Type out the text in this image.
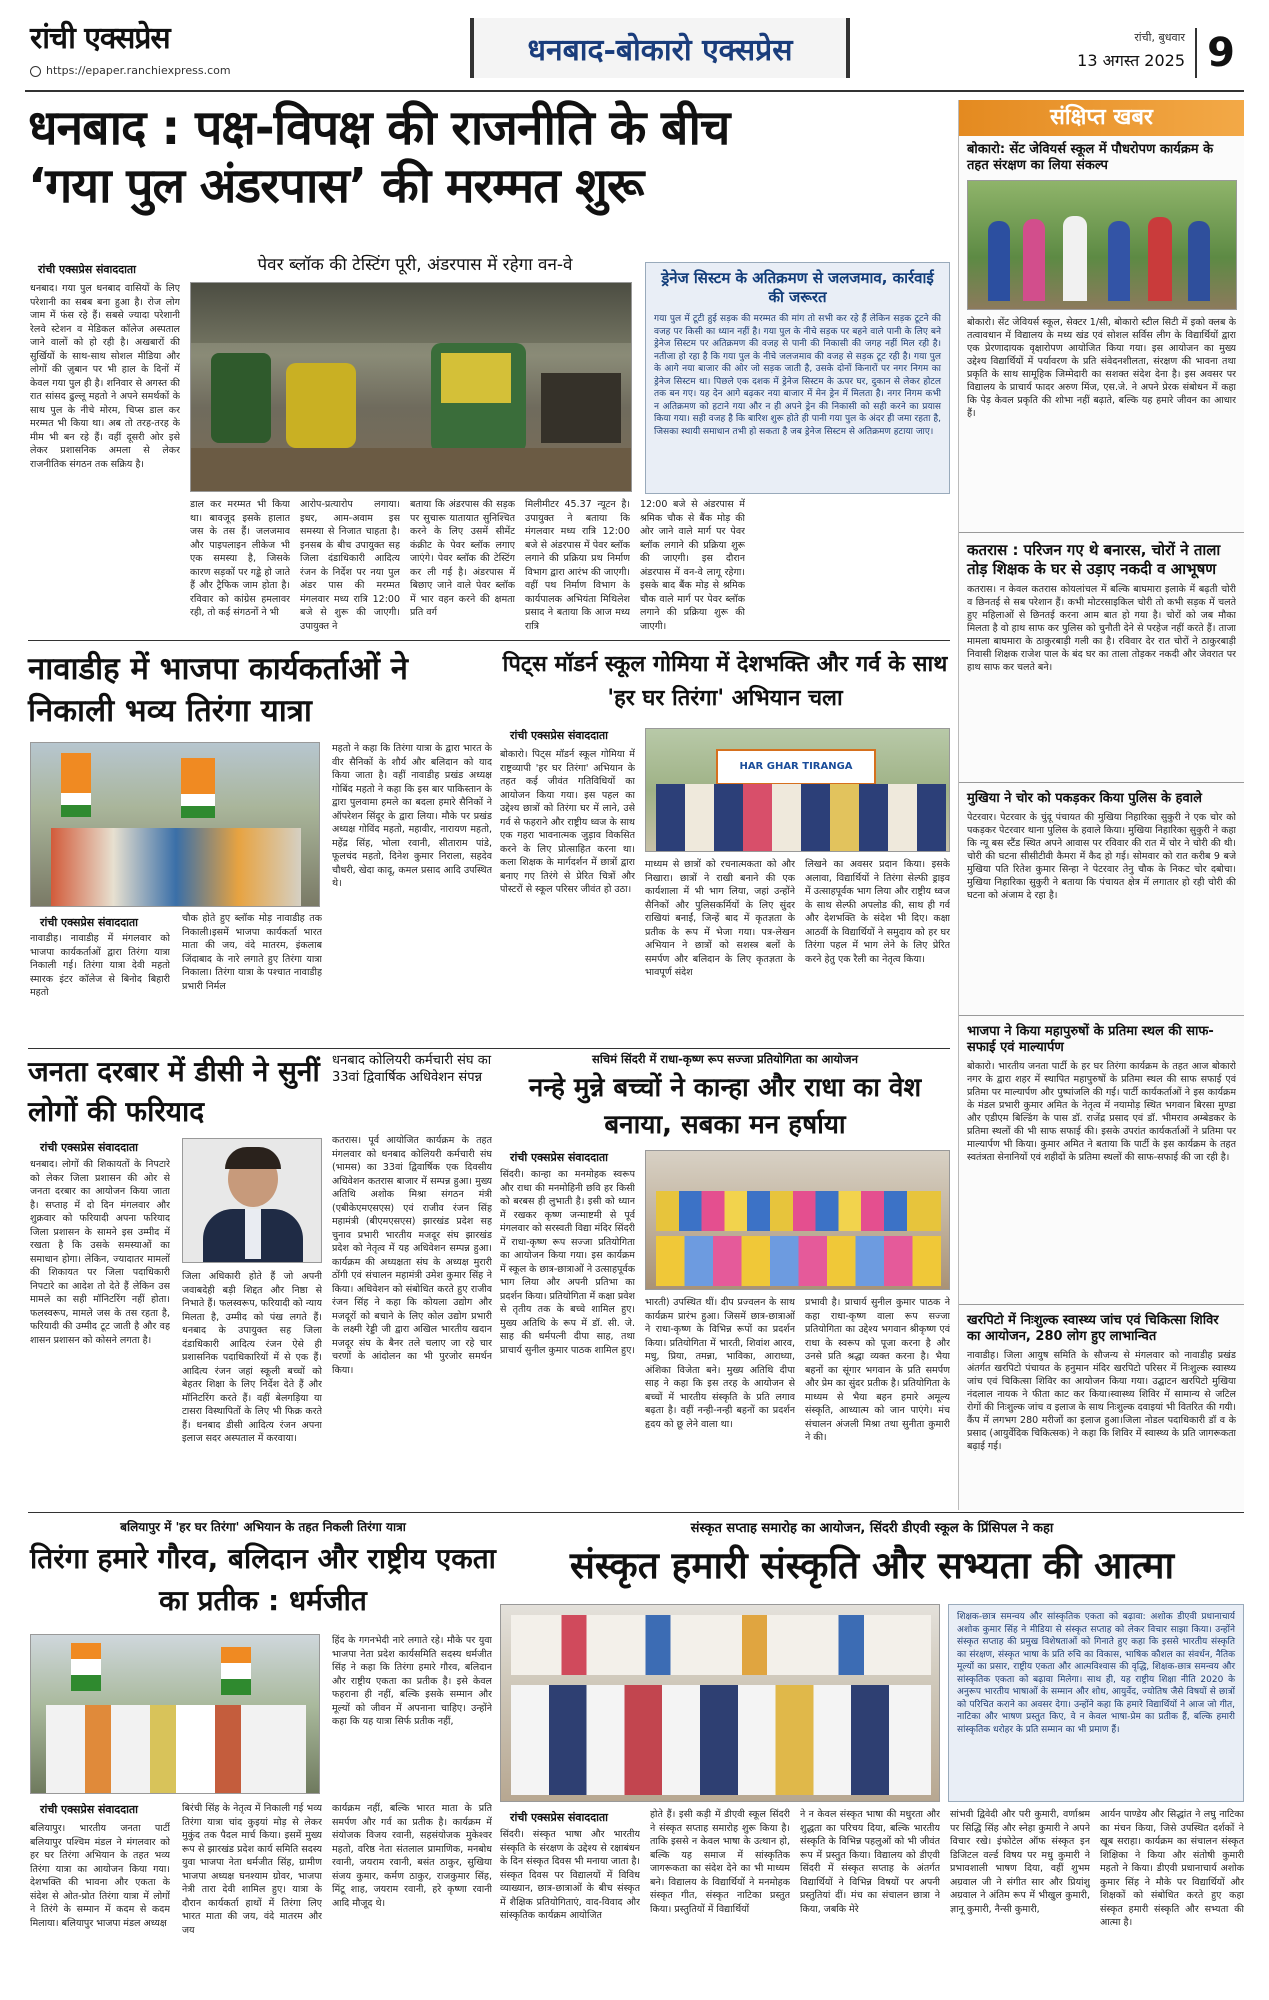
रांची एक्सप्रेस
https://epaper.ranchiexpress.com
धनबाद-बोकारो एक्सप्रेस	रांची, बुधवार
13 अगस्त 2025 9
धनबाद : पक्ष-विपक्ष की राजनीति के बीच
‘गया पुल अंडरपास’ की मरम्मत शुरू
रांची एक्सप्रेस संवाददाता
धनबाद। गया पुल धनबाद वासियों के लिए परेशानी का सबब बना हुआ है। रोज लोग जाम में फंस रहे हैं। सबसे ज्यादा परेशानी रेलवे स्टेशन व मेडिकल कॉलेज अस्पताल जाने वालों को हो रही है। अखबारों की सुर्खियों के साथ-साथ सोशल मीडिया और लोगों की ज़ुबान पर भी हाल के दिनों में केवल गया पुल ही है। शनिवार से अगस्त की रात सांसद ढुल्लू महतो ने अपने समर्थकों के साथ पुल के नीचे मोरम, चिप्स डाल कर मरम्मत भी किया था। अब तो तरह-तरह के मीम भी बन रहे हैं। वहीं दूसरी ओर इसे लेकर प्रशासनिक अमला से लेकर राजनीतिक संगठन तक सक्रिय है।
पेवर ब्लॉक की टेस्टिंग पूरी, अंडरपास में रहेगा वन-वे
डाल कर मरम्मत भी किया था। बावजूद इसके हालात जस के तस हैं। जलजमाव और पाइपलाइन लीकेज भी एक समस्या है, जिसके कारण सड़कों पर गड्ढे हो जाते हैं और ट्रैफिक जाम होता है। रविवार को कांग्रेस हमलावर रही, तो कई संगठनों ने भी
आरोप-प्रत्यारोप लगाया। इधर, आम-अवाम इस समस्या से निजात चाहता है। इनसब के बीच उपायुक्त सह जिला दंडाधिकारी आदित्य रंजन के निर्देश पर नया पुल अंडर पास की मरम्मत मंगलवार मध्य रात्रि 12:00 बजे से शुरू की जाएगी। उपायुक्त ने
बताया कि अंडरपास की सड़क पर सुचारू यातायात सुनिश्चित करने के लिए उसमें सीमेंट कंक्रीट के पेवर ब्लॉक लगाए जाएंगे। पेवर ब्लॉक की टेस्टिंग कर ली गई है। अंडरपास में बिछाए जाने वाले पेवर ब्लॉक में भार वहन करने की क्षमता प्रति वर्ग
मिलीमीटर 45.37 न्यूटन है। उपायुक्त ने बताया कि मंगलवार मध्य रात्रि 12:00 बजे से अंडरपास में पेवर ब्लॉक लगाने की प्रक्रिया प्रथ निर्माण विभाग द्वारा आरंभ की जाएगी। वहीं पथ निर्माण विभाग के कार्यपालक अभियंता मिथिलेश प्रसाद ने बताया कि आज मध्य रात्रि
12:00 बजे से अंडरपास में श्रमिक चौक से बैंक मोड़ की ओर जाने वाले मार्ग पर पेवर ब्लॉक लगाने की प्रक्रिया शुरू की जाएगी। इस दौरान अंडरपास में वन-वे लागू रहेगा। इसके बाद बैंक मोड़ से श्रमिक चौक वाले मार्ग पर पेवर ब्लॉक लगाने की प्रक्रिया शुरू की जाएगी।
ड्रेनेज सिस्टम के अतिक्रमण से जलजमाव, कार्रवाई की जरूरत
गया पुल में टूटी हुई सड़क की मरम्मत की मांग तो सभी कर रहे हैं लेकिन सड़क टूटने की वजह पर किसी का ध्यान नहीं है। गया पुल के नीचे सड़क पर बहने वाले पानी के लिए बने ड्रेनेज सिस्टम पर अतिक्रमण की वजह से पानी की निकासी की जगह नहीं मिल रही है। नतीजा हो रहा है कि गया पुल के नीचे जलजमाव की वजह से सड़क टूट रही है। गया पुल के आगे नया बाजार की ओर जो सड़क जाती है, उसके दोनों किनारों पर नगर निगम का ड्रेनेज सिस्टम था। पिछले एक दशक में ड्रेनेज सिस्टम के ऊपर घर, दुकान से लेकर होटल तक बन गए। यह देन आगे बढ़कर नया बाजार में मेन ड्रेन में मिलता है। नगर निगम कभी न अतिक्रमण को हटाने गया और न ही अपने ड्रेन की निकासी को सही करने का प्रयास किया गया। सही वजह है कि बारिश शुरू होते ही पानी गया पुल के अंदर ही जमा रहता है, जिसका स्थायी समाधान तभी हो सकता है जब ड्रेनेज सिस्टम से अतिक्रमण हटाया जाए।
संक्षिप्त खबर
बोकारो: सेंट जेवियर्स स्कूल में पौधरोपण कार्यक्रम के तहत संरक्षण का लिया संकल्प
बोकारो। सेंट जेवियर्स स्कूल, सेक्टर 1/सी, बोकारो स्टील सिटी में इको क्लब के तत्वावधान में विद्यालय के मध्य खंड एवं सोशल सर्विस लीग के विद्यार्थियों द्वारा एक प्रेरणादायक वृक्षारोपण आयोजित किया गया। इस आयोजन का मुख्य उद्देश्य विद्यार्थियों में पर्यावरण के प्रति संवेदनशीलता, संरक्षण की भावना तथा प्रकृति के साथ सामूहिक जिम्मेदारी का सशक्त संदेश देना है। इस अवसर पर विद्यालय के प्राचार्य फादर अरुण मिंज, एस.जे. ने अपने प्रेरक संबोधन में कहा कि पेड़ केवल प्रकृति की शोभा नहीं बढ़ाते, बल्कि यह हमारे जीवन का आधार हैं।
कतरास : परिजन गए थे बनारस, चोरों ने ताला तोड़ शिक्षक के घर से उड़ाए नकदी व आभूषण
कतरास। न केवल कतरास कोयलांचल में बल्कि बाघमारा इलाके में बढ़ती चोरी व छिनतई से सब परेशान हैं। कभी मोटरसाइकिल चोरी तो कभी सड़क में चलते हुए महिलाओं से छिनतई करना आम बात हो गया है। चोरों को जब मौका मिलता है वो हाथ साफ कर पुलिस को चुनौती देने से परहेज नहीं करते हैं। ताजा मामला बाघमारा के ठाकुरबाड़ी गली का है। रविवार देर रात चोरों ने ठाकुरबाड़ी निवासी शिक्षक राजेश पाल के बंद घर का ताला तोड़कर नकदी और जेवरात पर हाथ साफ कर चलते बने।
मुखिया ने चोर को पकड़कर किया पुलिस के हवाले
पेटरवार। पेटरवार के चुंदू पंचायत की मुखिया निहारिका सुकुरी ने एक चोर को पकड़कर पेटरवार थाना पुलिस के हवाले किया। मुखिया निहारिका सुकुरी ने कहा कि न्यू बस स्टैंड स्थित अपने आवास पर रविवार की रात में चोर ने चोरी की थी। चोरी की घटना सीसीटीवी कैमरा में कैद हो गई। सोमवार को रात करीब 9 बजे मुखिया पति रितेश कुमार सिन्हा ने पेटरवार तेनु चौक के निकट चोर दबोचा। मुखिया निहारिका सुकुरी ने बताया कि पंचायत क्षेत्र में लगातार हो रही चोरी की घटना को अंजाम दे रहा है।
भाजपा ने किया महापुरुषों के प्रतिमा स्थल की साफ-सफाई एवं माल्यार्पण
बोकारो। भारतीय जनता पार्टी के हर घर तिरंगा कार्यक्रम के तहत आज बोकारो नगर के द्वारा शहर में स्थापित महापुरुषों के प्रतिमा स्थल की साफ सफाई एवं प्रतिमा पर माल्यार्पण और पुष्पांजलि की गई। पार्टी कार्यकर्ताओं ने इस कार्यक्रम के मंडल प्रभारी कुमार अमित के नेतृत्व में नयामोड़ स्थित भगवान बिरसा मुण्डा और एडीएम बिल्डिंग के पास डॉ. राजेंद्र प्रसाद एवं डॉ. भीमराव अम्बेडकर के प्रतिमा स्थलों की भी साफ सफाई की। इसके उपरांत कार्यकर्ताओं ने प्रतिमा पर माल्यार्पण भी किया। कुमार अमित ने बताया कि पार्टी के इस कार्यक्रम के तहत स्वतंत्रता सेनानियों एवं शहीदों के प्रतिमा स्थलों की साफ-सफाई की जा रही है।
खरपिटो में निःशुल्क स्वास्थ्य जांच एवं चिकित्सा शिविर का आयोजन, 280 लोग हुए लाभान्वित
नावाडीह। जिला आयुष समिति के सौजन्य से मंगलवार को नावाडीह प्रखंड अंतर्गत खरपिटो पंचायत के हनुमान मंदिर खरपिटो परिसर में निःशुल्क स्वास्थ्य जांच एवं चिकित्सा शिविर का आयोजन किया गया। उद्घाटन खरपिटो मुखिया नंदलाल नायक ने फीता काट कर किया।स्वास्थ्य शिविर में सामान्य से जटिल रोगों की निःशुल्क जांच व इलाज के साथ निःशुल्क दवाइयां भी वितरित की गयी। कैंप में लगभग 280 मरीजों का इलाज हुआ।जिला नोडल पदाधिकारी डॉ व के प्रसाद (आयुर्वेदिक चिकित्सक) ने कहा कि शिविर में स्वास्थ्य के प्रति जागरूकता बढ़ाई गई।
नावाडीह में भाजपा कार्यकर्ताओं ने निकाली भव्य तिरंगा यात्रा
रांची एक्सप्रेस संवाददाता
नावाडीह। नावाडीह में मंगलवार को भाजपा कार्यकर्ताओं द्वारा तिरंगा यात्रा निकाली गई। तिरंगा यात्रा देवी महतो स्मारक इंटर कॉलेज से बिनोद बिहारी महतो
चौक होते हुए ब्लॉक मोड़ नावाडीह तक निकाली।इसमें भाजपा कार्यकर्ता भारत माता की जय, वंदे मातरम, इंकलाब जिंदाबाद के नारे लगाते हुए तिरंगा यात्रा निकाला। तिरंगा यात्रा के पश्चात नावाडीह प्रभारी निर्मल
महतो ने कहा कि तिरंगा यात्रा के द्वारा भारत के वीर सैनिकों के शौर्य और बलिदान को याद किया जाता है। वहीं नावाडीह प्रखंड अध्यक्ष गोबिंद महतो ने कहा कि इस बार पाकिस्तान के द्वारा पुलवामा हमले का बदला हमारे सैनिकों ने ऑपरेशन सिंदूर के द्वारा लिया। मौके पर प्रखंड अध्यक्ष गोविंद महतो, महावीर, नारायण महतो, महेंद्र सिंह, भोला रवानी, सीताराम पांडे, फूलचंद महतो, दिनेश कुमार निराला, सहदेव चौधरी, खेदा कादू, कमल प्रसाद आदि उपस्थित थे।
पिट्स मॉडर्न स्कूल गोमिया में देशभक्ति और गर्व के साथ 'हर घर तिरंगा' अभियान चला
रांची एक्सप्रेस संवाददाता
बोकारो। पिट्स मॉडर्न स्कूल गोमिया में राष्ट्रव्यापी 'हर घर तिरंगा' अभियान के तहत कई जीवंत गतिविधियों का आयोजन किया गया। इस पहल का उद्देश्य छात्रों को तिरंगा घर में लाने, उसे गर्व से फहराने और राष्ट्रीय ध्वज के साथ एक गहरा भावनात्मक जुड़ाव विकसित करने के लिए प्रोत्साहित करना था। कला शिक्षक के मार्गदर्शन में छात्रों द्वारा बनाए गए तिरंगे से प्रेरित चित्रों और पोस्टरों से स्कूल परिसर जीवंत हो उठा।
HAR GHAR TIRANGA
माध्यम से छात्रों को रचनात्मकता को और निखारा। छात्रों ने राखी बनाने की एक कार्यशाला में भी भाग लिया, जहां उन्होंने सैनिकों और पुलिसकर्मियों के लिए सुंदर राखियां बनाईं, जिन्हें बाद में कृतज्ञता के प्रतीक के रूप में भेजा गया। पत्र-लेखन अभियान ने छात्रों को सशस्त्र बलों के समर्पण और बलिदान के लिए कृतज्ञता के भावपूर्ण संदेश
लिखने का अवसर प्रदान किया। इसके अलावा, विद्यार्थियों ने तिरंगा सेल्फी ड्राइव में उत्साहपूर्वक भाग लिया और राष्ट्रीय ध्वज के साथ सेल्फी अपलोड की, साथ ही गर्व और देशभक्ति के संदेश भी दिए। कक्षा आठवीं के विद्यार्थियों ने समुदाय को हर घर तिरंगा पहल में भाग लेने के लिए प्रेरित करने हेतु एक रैली का नेतृत्व किया।
जनता दरबार में डीसी ने सुनीं लोगों की फरियाद
रांची एक्सप्रेस संवाददाता
धनबाद। लोगों की शिकायतों के निपटारे को लेकर जिला प्रशासन की ओर से जनता दरबार का आयोजन किया जाता है। सप्ताह में दो दिन मंगलवार और शुक्रवार को फरियादी अपना फरियाद जिला प्रशासन के सामने इस उम्मीद में रखता है कि उसके समस्याओं का समाधान होगा। लेकिन, ज्यादातर मामलों की शिकायत पर जिला पदाधिकारी निपटारे का आदेश तो देते हैं लेकिन उस मामले का सही मॉनिटरिंग नहीं होता। फलस्वरूप, मामले जस के तस रहता है, फरियादी की उम्मीद टूट जाती है और वह शासन प्रशासन को कोसने लगता है।
जिला अधिकारी होते हैं जो अपनी जवाबदेही बड़ी शिद्दत और निष्ठा से निभाते हैं। फलस्वरूप, फरियादी को न्याय मिलता है, उम्मीद को पंख लगते हैं। धनबाद के उपायुक्त सह जिला दंडाधिकारी आदित्य रंजन ऐसे ही प्रशासनिक पदाधिकारियों में से एक हैं। आदित्य रंजन जहां स्कूली बच्चों को बेहतर शिक्षा के लिए निर्देश देते हैं और मॉनिटरिंग करते हैं। वहीं बेलगड़िया या टासरा विस्थापितों के लिए भी फिक्र करते हैं। धनबाद डीसी आदित्य रंजन अपना इलाज सदर अस्पताल में करवाया।
धनबाद कोलियरी कर्मचारी संघ का 33वां द्विवार्षिक अधिवेशन संपन्न
कतरास। पूर्व आयोजित कार्यक्रम के तहत मंगलवार को धनबाद कोलियरी कर्मचारी संघ (भामस) का 33वां द्विवार्षिक एक दिवसीय अधिवेशन कतरास बाजार में सम्पन्न हुआ। मुख्य अतिथि अशोक मिश्रा संगठन मंत्री (एबीकेएमएसएस) एवं राजीव रंजन सिंह महामंत्री (बीएमएसएस) झारखंड प्रदेश सह चुनाव प्रभारी भारतीय मजदूर संघ झारखंड प्रदेश को नेतृत्व में यह अधिवेशन सम्पन्न हुआ। कार्यक्रम की अध्यक्षता संघ के अध्यक्ष मुरारी ठोंगी एवं संचालन महामंत्री उमेश कुमार सिंह ने किया। अधिवेशन को संबोधित करते हुए राजीव रंजन सिंह ने कहा कि कोयला उद्योग और मजदूरों को बचाने के लिए कोल उद्योग प्रभारी के लक्ष्मी रेड्डी जी द्वारा अखिल भारतीय खदान मजदूर संघ के बैनर तले चलाए जा रहे चार चरणों के आंदोलन का भी पुरजोर समर्थन किया।
सचिमं सिंदरी में राधा-कृष्ण रूप सज्जा प्रतियोगिता का आयोजन
नन्हे मुन्ने बच्चों ने कान्हा और राधा का वेश बनाया, सबका मन हर्षाया
रांची एक्सप्रेस संवाददाता
सिंदरी। कान्हा का मनमोहक स्वरूप और राधा की मनमोहिनी छवि हर किसी को बरबस ही लुभाती है। इसी को ध्यान में रखकर कृष्ण जन्माष्टमी से पूर्व मंगलवार को सरस्वती विद्या मंदिर सिंदरी में राधा-कृष्ण रूप सज्जा प्रतियोगिता का आयोजन किया गया। इस कार्यक्रम में स्कूल के छात्र-छात्राओं ने उत्साहपूर्वक भाग लिया और अपनी प्रतिभा का प्रदर्शन किया। प्रतियोगिता में कक्षा प्रवेश से तृतीय तक के बच्चे शामिल हुए। मुख्य अतिथि के रूप में डॉ. सी. जे. साह की धर्मपत्नी दीपा साह, तथा प्राचार्य सुनील कुमार पाठक शामिल हुए।
भारती) उपस्थित थीं। दीप प्रज्वलन के साथ कार्यक्रम प्रारंभ हुआ। जिसमें छात्र-छात्राओं ने राधा-कृष्ण के विभिन्न रूपों का प्रदर्शन किया। प्रतियोगिता में भारती, शिवांश आरव, मधु, प्रिया, तमन्ना, भाविका, आराध्या, अंशिका विजेता बने। मुख्य अतिथि दीपा साह ने कहा कि इस तरह के आयोजन से बच्चों में भारतीय संस्कृति के प्रति लगाव बढ़ता है। वहीं नन्ही-नन्ही बहनों का प्रदर्शन हृदय को छू लेने वाला था।
प्रभावी है। प्राचार्य सुनील कुमार पाठक ने कहा राधा-कृष्ण वाला रूप सज्जा प्रतियोगिता का उद्देश्य भगवान श्रीकृष्ण एवं राधा के स्वरूप को पूजा करना है और उनसे प्रति श्रद्धा व्यक्त करना है। भैया बहनों का सूंगार भगवान के प्रति समर्पण और प्रेम का सुंदर प्रतीक है। प्रतियोगिता के माध्यम से भैया बहन हमारे अमूल्य संस्कृति, आध्यात्म को जान पाएंगे। मंच संचालन अंजली मिश्रा तथा सुनीता कुमारी ने की।
बलियापुर में 'हर घर तिरंगा' अभियान के तहत निकली तिरंगा यात्रा
तिरंगा हमारे गौरव, बलिदान और राष्ट्रीय एकता का प्रतीक : धर्मजीत
रांची एक्सप्रेस संवाददाता
बलियापुर। भारतीय जनता पार्टी बलियापुर पश्चिम मंडल ने मंगलवार को हर घर तिरंगा अभियान के तहत भव्य तिरंगा यात्रा का आयोजन किया गया। देशभक्ति की भावना और एकता के संदेश से ओत-प्रोत तिरंगा यात्रा में लोगों ने तिरंगे के सम्मान में कदम से कदम मिलाया। बलियापुर भाजपा मंडल अध्यक्ष
बिरंची सिंह के नेतृत्व में निकाली गई भव्य तिरंगा यात्रा चांद कुइयां मोड़ से लेकर मुकुंद तक पैदल मार्च किया। इसमें मुख्य रूप से झारखंड प्रदेश कार्य समिति सदस्य युवा भाजपा नेता धर्मजीत सिंह, ग्रामीण भाजपा अध्यक्ष घनश्याम ग्रोवर, भाजपा नेत्री तारा देवी शामिल हुए। यात्रा के दौरान कार्यकर्ता हाथों में तिरंगा लिए भारत माता की जय, वंदे मातरम और जय
हिंद के गगनभेदी नारे लगाते रहे। मौके पर युवा भाजपा नेता प्रदेश कार्यसमिति सदस्य धर्मजीत सिंह ने कहा कि तिरंगा हमारे गौरव, बलिदान और राष्ट्रीय एकता का प्रतीक है। इसे केवल फहराना ही नहीं, बल्कि इसके सम्मान और मूल्यों को जीवन में अपनाना चाहिए। उन्होंने कहा कि यह यात्रा सिर्फ प्रतीक नहीं,
कार्यक्रम नहीं, बल्कि भारत माता के प्रति समर्पण और गर्व का प्रतीक है। कार्यक्रम में संयोजक विजय रवानी, सहसंयोजक मुकेश्वर महतो, वरिष्ठ नेता संतलाल प्रामाणिक, मनबोध रवानी, जयराम रवानी, बसंत ठाकुर, सुखिया संजय कुमार, कर्मण ठाकुर, राजकुमार सिंह, मिंटू शाह, जयराम रवानी, हरे कृष्णा रवानी आदि मौजूद थे।
संस्कृत सप्ताह समारोह का आयोजन, सिंदरी डीएवी स्कूल के प्रिंसिपल ने कहा
संस्कृत हमारी संस्कृति और सभ्यता की आत्मा
शिक्षक-छात्र समन्वय और सांस्कृतिक एकता को बढ़ावा: अशोक डीएवी प्रधानाचार्य अशोक कुमार सिंह ने मीडिया से संस्कृत सप्ताह को लेकर विचार साझा किया। उन्होंने संस्कृत सप्ताह की प्रमुख विशेषताओं को गिनाते हुए कहा कि इससे भारतीय संस्कृति का संरक्षण, संस्कृत भाषा के प्रति रुचि का विकास, भाषिक कौशल का संवर्धन, नैतिक मूल्यों का प्रसार, राष्ट्रीय एकता और आत्मविश्वास की वृद्धि, शिक्षक-छात्र समन्वय और सांस्कृतिक एकता को बढ़ावा मिलेगा। साथ ही, यह राष्ट्रीय शिक्षा नीति 2020 के अनुरूप भारतीय भाषाओं के सम्मान और शोध, आयुर्वेद, ज्योतिष जैसे विषयों से छात्रों को परिचित कराने का अवसर देगा। उन्होंने कहा कि हमारे विद्यार्थियों ने आज जो गीत, नाटिका और भाषण प्रस्तुत किए, वे न केवल भाषा-प्रेम का प्रतीक हैं, बल्कि हमारी सांस्कृतिक धरोहर के प्रति सम्मान का भी प्रमाण हैं।
रांची एक्सप्रेस संवाददाता
सिंदरी। संस्कृत भाषा और भारतीय संस्कृति के संरक्षण के उद्देश्य से रक्षाबंधन के दिन संस्कृत दिवस भी मनाया जाता है। संस्कृत दिवस पर विद्यालयों में विविध व्याख्यान, छात्र-छात्राओं के बीच संस्कृत में शैक्षिक प्रतियोगिताएं, वाद-विवाद और सांस्कृतिक कार्यक्रम आयोजित
होते हैं। इसी कड़ी में डीएवी स्कूल सिंदरी ने संस्कृत सप्ताह समारोह शुरू किया है। ताकि इससे न केवल भाषा के उत्थान हो, बल्कि यह समाज में सांस्कृतिक जागरूकता का संदेश देने का भी माध्यम बने। विद्यालय के विद्यार्थियों ने मनमोहक संस्कृत गीत, संस्कृत नाटिका प्रस्तुत किया। प्रस्तुतियों में विद्यार्थियों
ने न केवल संस्कृत भाषा की मधुरता और शुद्धता का परिचय दिया, बल्कि भारतीय संस्कृति के विभिन्न पहलुओं को भी जीवंत रूप में प्रस्तुत किया। विद्यालय को डीएवी सिंदरी में संस्कृत सप्ताह के अंतर्गत विद्यार्थियों ने विभिन्न विषयों पर अपनी प्रस्तुतियां दीं। मंच का संचालन छात्रा ने किया, जबकि मेरे
सांभवी द्विवेदी और परी कुमारी, वर्णाश्रम पर सिद्धि सिंह और स्नेहा कुमारी ने अपने विचार रखे। इंफोटेल ऑफ संस्कृत इन डिजिटल वर्ल्ड विषय पर मधु कुमारी ने प्रभावशाली भाषण दिया, वहीं शुभम अग्रवाल जी ने संगीत सार और प्रियांशु अग्रवाल ने अंतिम रूप में भीखुल कुमारी, ज्ञानू कुमारी, नैन्सी कुमारी,
आर्यन पाण्डेय और सिद्धांत ने लघु नाटिका का मंचन किया, जिसे उपस्थित दर्शकों ने खूब सराहा। कार्यक्रम का संचालन संस्कृत शिक्षिका ने किया और संतोषी कुमारी महतो ने किया। डीएवी प्रधानाचार्य अशोक कुमार सिंह ने मौके पर विद्यार्थियों और शिक्षकों को संबोधित करते हुए कहा संस्कृत हमारी संस्कृति और सभ्यता की आत्मा है।
